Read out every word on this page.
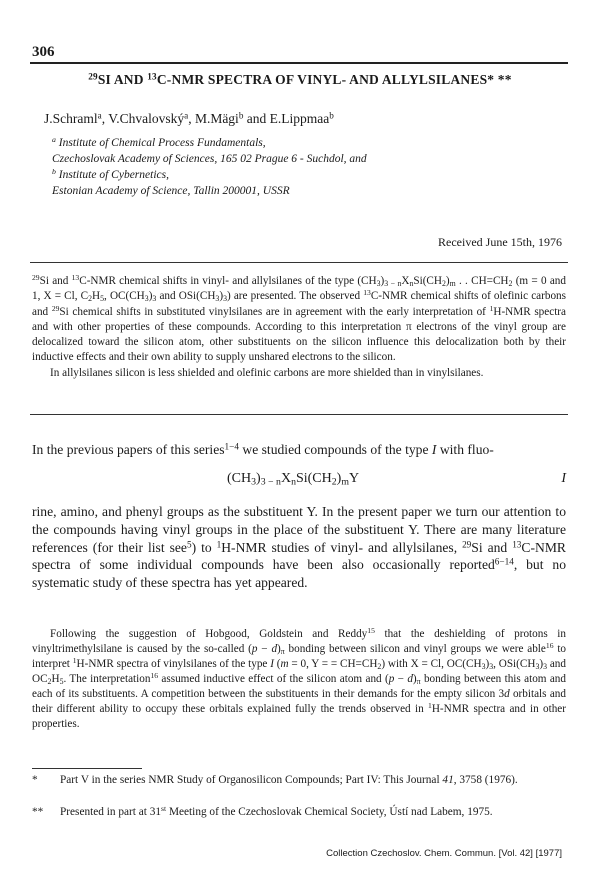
306
$^{29}$SI AND $^{13}$C-NMR SPECTRA OF VINYL- AND ALLYLSILANES* **
J.Schraml$^a$, V.Chvalovský$^a$, M.Mägi$^b$ and E.Lippmaa$^b$
$^a$ Institute of Chemical Process Fundamentals,
Czechoslovak Academy of Sciences, 165 02 Prague 6 - Suchdol, and
$^b$ Institute of Cybernetics,
Estonian Academy of Science, Tallin 200001, USSR
Received June 15th, 1976

$^{29}$Si and $^{13}$C-NMR chemical shifts in vinyl- and allylsilanes of the type $(CH_3)_{3 - n}X_nSi(CH_2)_m$ . . $CH=CH_2$ (m = 0 and 1, X = Cl, $C_2H_5$, $OC(CH_3)_3$ and $OSi(CH_3)_3$) are presented. The observed $^{13}$C-NMR chemical shifts of olefinic carbons and $^{29}$Si chemical shifts in substituted vinylsilanes are in agreement with the early interpretation of $^1$H-NMR spectra and with other properties of these compounds. According to this interpretation π electrons of the vinyl group are delocalized toward the silicon atom, other substituents on the silicon influence this delocalization both by their inductive effects and their own ability to supply unshared electrons to the silicon.

In allylsilanes silicon is less shielded and olefinic carbons are more shielded than in vinylsilanes.

In the previous papers of this series$^{1-4}$ we studied compounds of the type I with fluo-
$(CH_3)_{3 - n}X_nSi(CH_2)_mY$	I
rine, amino, and phenyl groups as the substituent Y. In the present paper we turn our attention to the compounds having vinyl groups in the place of the substituent Y. There are many literature references (for their list see$^5$) to $^1$H-NMR studies of vinyl- and allylsilanes, $^{29}$Si and $^{13}$C-NMR spectra of some individual compounds have been also occasionally reported$^{6-14}$, but no systematic study of these spectra has yet appeared.
Following the suggestion of Hobgood, Goldstein and Reddy$^{15}$ that the deshielding of protons in vinyltrimethylsilane is caused by the so-called $(p - d)_\pi$ bonding between silicon and vinyl groups we were able$^{16}$ to interpret $^1$H-NMR spectra of vinylsilanes of the type I (m = 0, Y = = $CH=CH_2$) with X = Cl, $OC(CH_3)_3$, $OSi(CH_3)_3$ and $OC_2H_5$. The interpretation$^{16}$ assumed inductive effect of the silicon atom and $(p - d)_\pi$ bonding between this atom and each of its substituents. A competition between the substituents in their demands for the empty silicon 3d orbitals and their different ability to occupy these orbitals explained fully the trends observed in $^1$H-NMR spectra and in other properties.
* Part V in the series NMR Study of Organosilicon Compounds; Part IV: This Journal 41, 3758 (1976).
** Presented in part at 31st Meeting of the Czechoslovak Chemical Society, Ústí nad Labem, 1975.
Collection Czechoslov. Chem. Commun. [Vol. 42] [1977]
